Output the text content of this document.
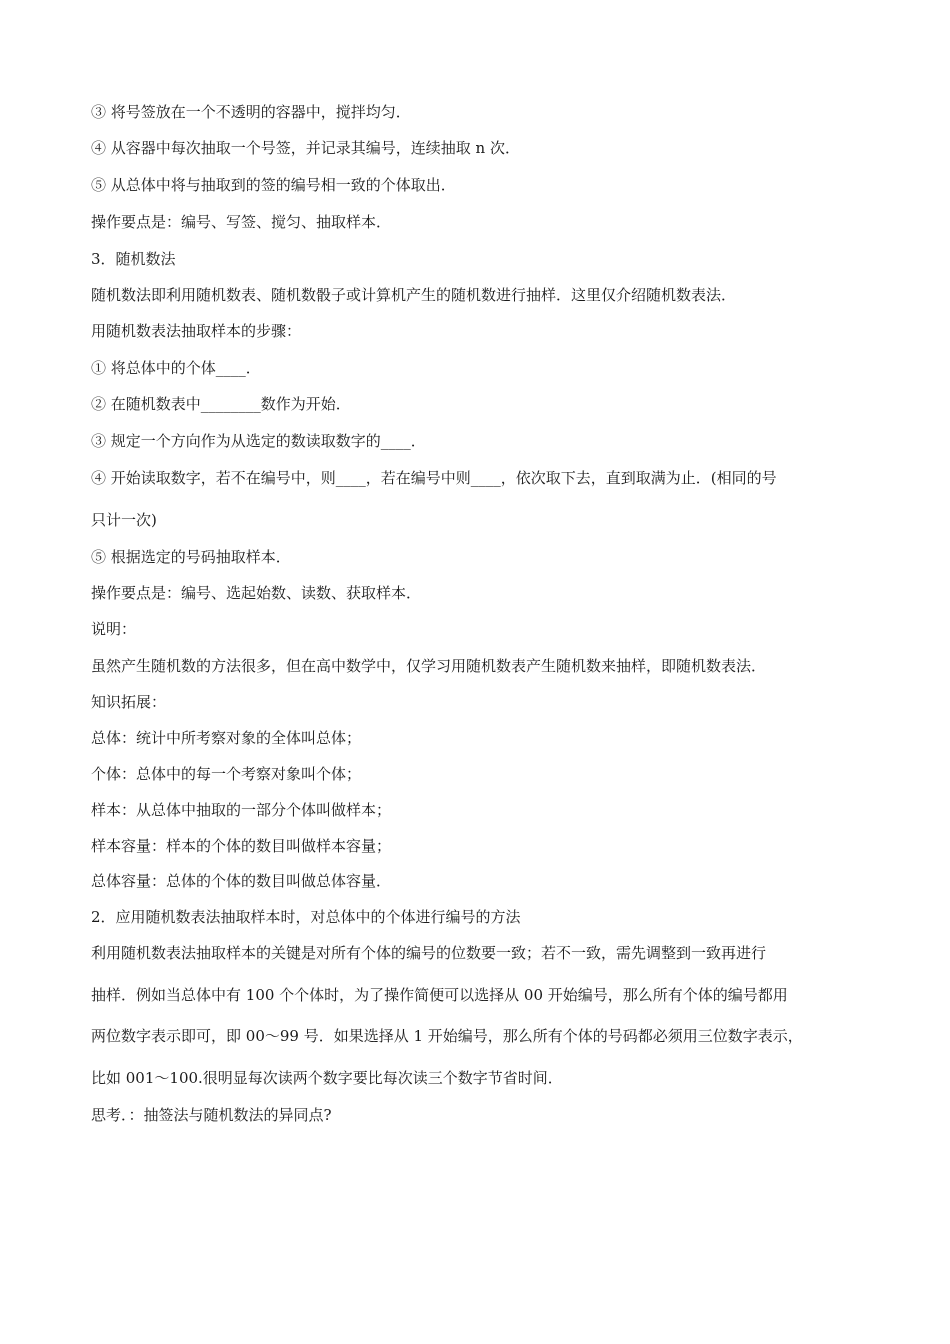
③ 将号签放在一个不透明的容器中，搅拌均匀．
④ 从容器中每次抽取一个号签，并记录其编号，连续抽取 n 次．
⑤ 从总体中将与抽取到的签的编号相一致的个体取出．
操作要点是：编号、写签、搅匀、抽取样本．
3．随机数法
随机数法即利用随机数表、随机数骰子或计算机产生的随机数进行抽样．这里仅介绍随机数表法．
用随机数表法抽取样本的步骤：
① 将总体中的个体____．
② 在随机数表中________数作为开始．
③ 规定一个方向作为从选定的数读取数字的____．
④ 开始读取数字，若不在编号中，则____，若在编号中则____，依次取下去，直到取满为止．(相同的号
只计一次)
⑤ 根据选定的号码抽取样本．
操作要点是：编号、选起始数、读数、获取样本．
说明：
虽然产生随机数的方法很多，但在高中数学中，仅学习用随机数表产生随机数来抽样，即随机数表法．
知识拓展：
总体：统计中所考察对象的全体叫总体；
个体：总体中的每一个考察对象叫个体；
样本：从总体中抽取的一部分个体叫做样本；
样本容量：样本的个体的数目叫做样本容量；
总体容量：总体的个体的数目叫做总体容量．
2．应用随机数表法抽取样本时，对总体中的个体进行编号的方法
利用随机数表法抽取样本的关键是对所有个体的编号的位数要一致；若不一致，需先调整到一致再进行
抽样．例如当总体中有 100 个个体时，为了操作简便可以选择从 00 开始编号，那么所有个体的编号都用
两位数字表示即可，即 00～99 号．如果选择从 1 开始编号，那么所有个体的号码都必须用三位数字表示，
比如 001～100.很明显每次读两个数字要比每次读三个数字节省时间．
思考．：抽签法与随机数法的异同点?
